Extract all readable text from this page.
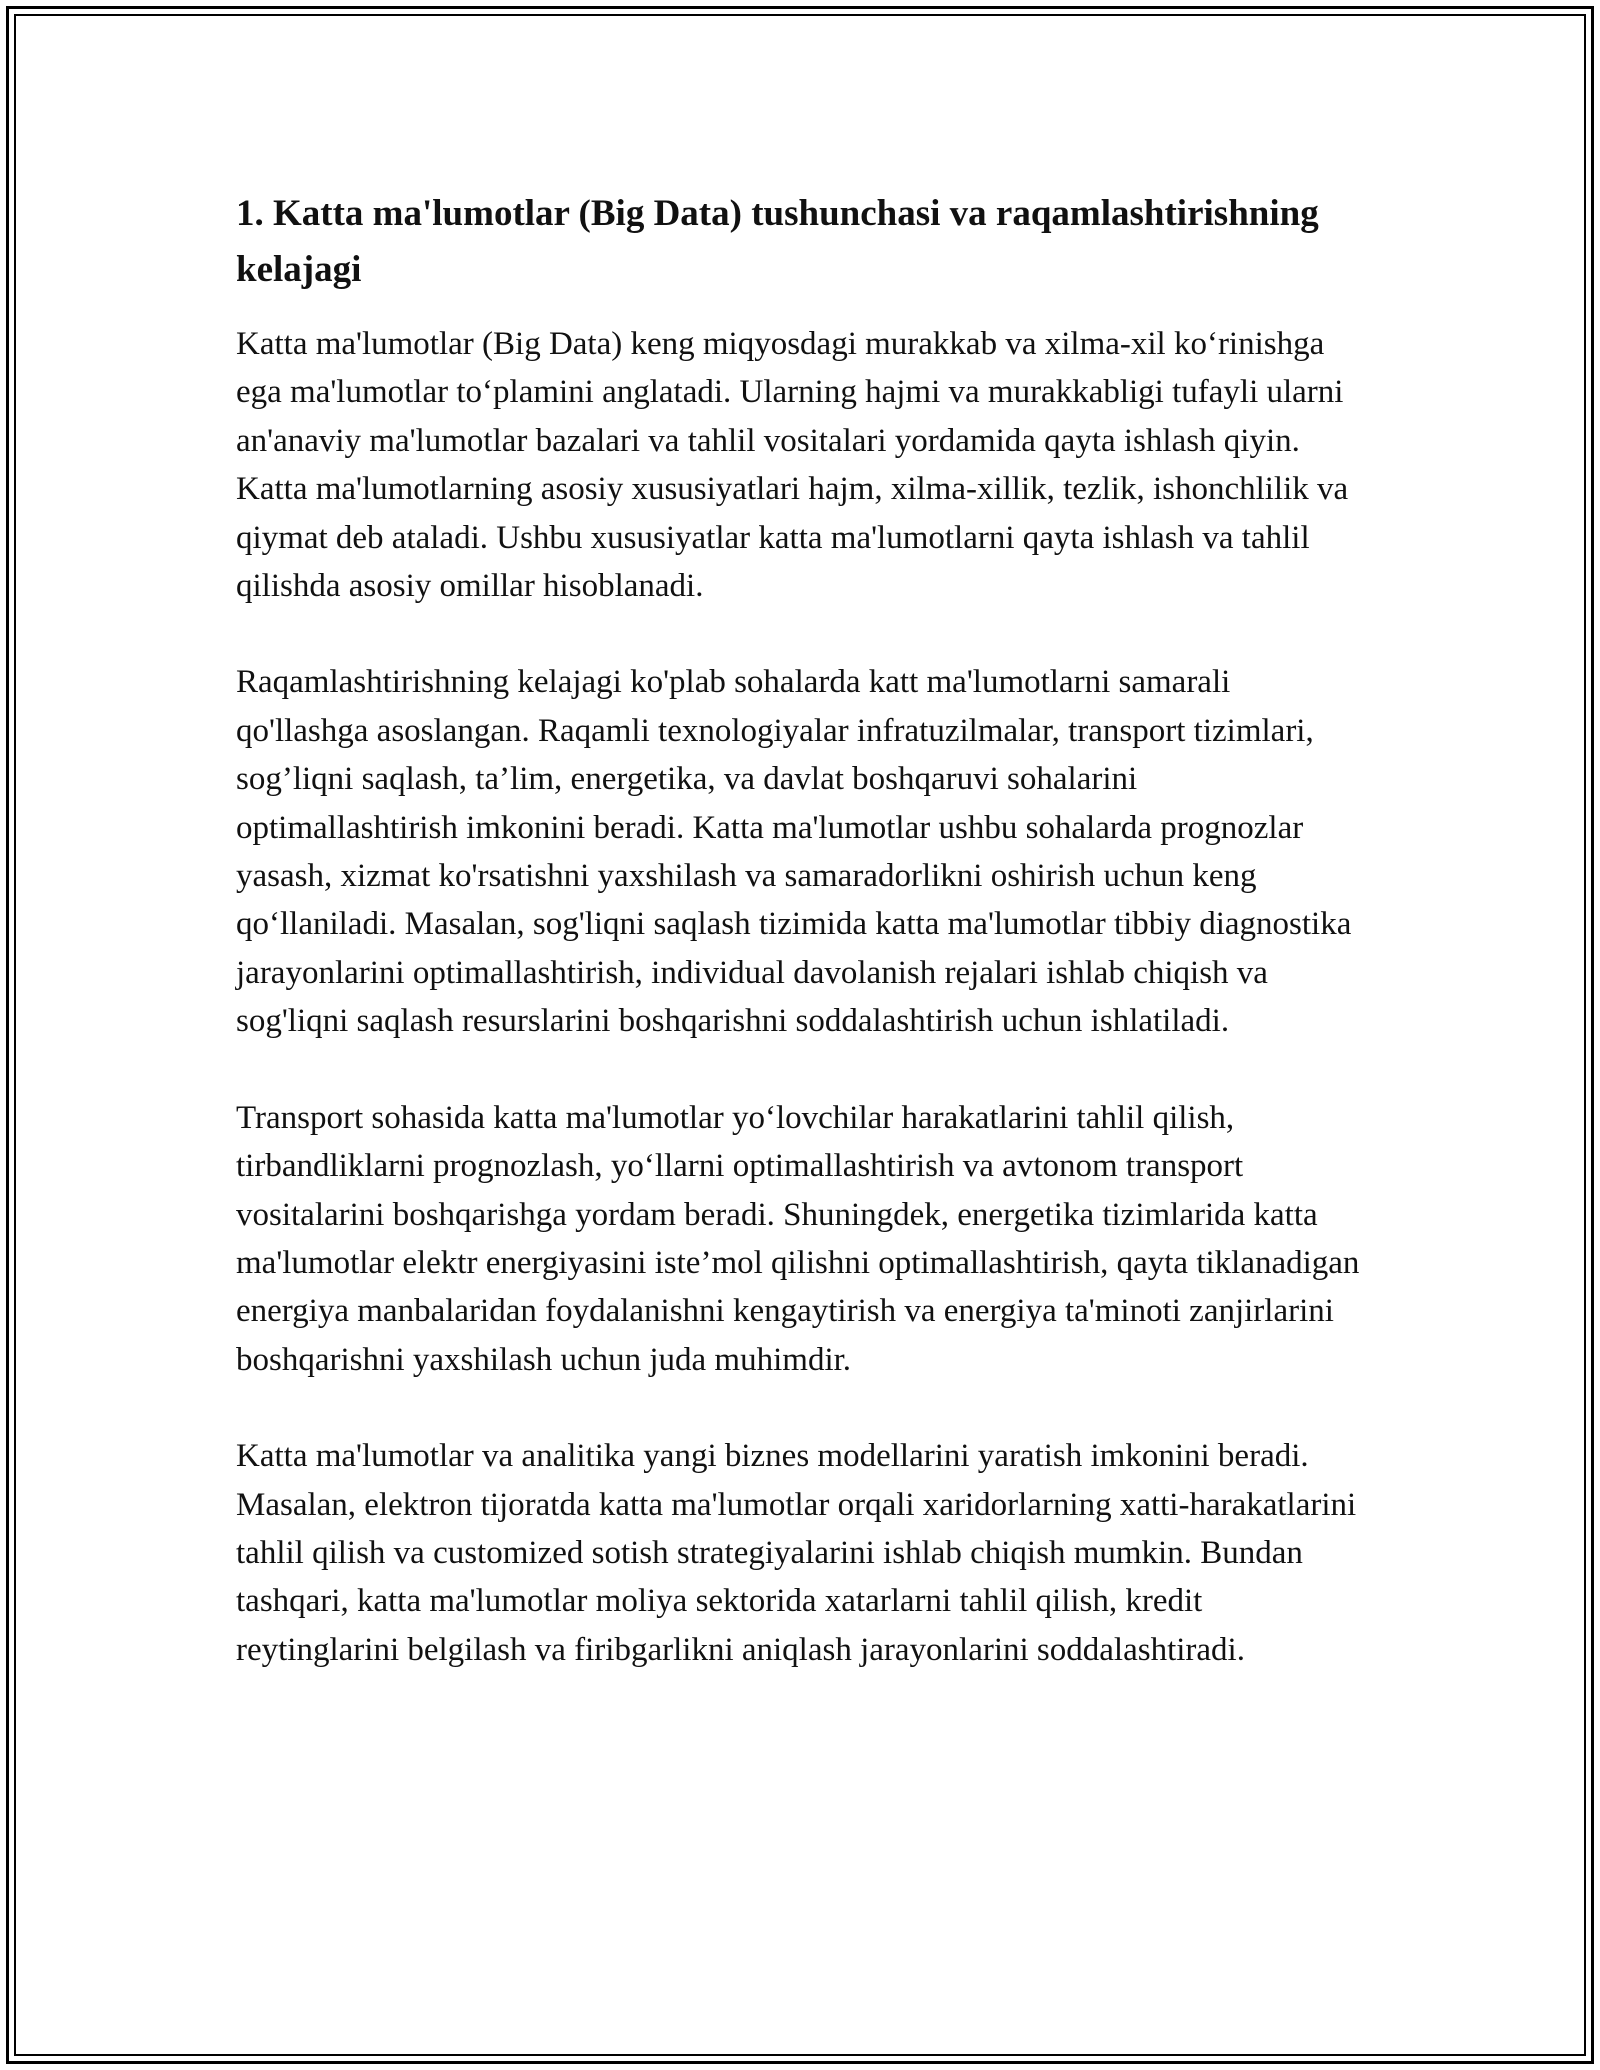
1. Katta ma'lumotlar (Big Data) tushunchasi va raqamlashtirishning kelajagi

Katta ma'lumotlar (Big Data) keng miqyosdagi murakkab va xilma-xil ko‘rinishga ega ma'lumotlar to‘plamini anglatadi. Ularning hajmi va murakkabligi tufayli ularni an'anaviy ma'lumotlar bazalari va tahlil vositalari yordamida qayta ishlash qiyin. Katta ma'lumotlarning asosiy xususiyatlari hajm, xilma-xillik, tezlik, ishonchlilik va qiymat deb ataladi. Ushbu xususiyatlar katta ma'lumotlarni qayta ishlash va tahlil qilishda asosiy omillar hisoblanadi.

Raqamlashtirishning kelajagi ko'plab sohalarda katt ma'lumotlarni samarali qo'llashga asoslangan. Raqamli texnologiyalar infratuzilmalar, transport tizimlari, sog’liqni saqlash, ta’lim, energetika, va davlat boshqaruvi sohalarini optimallashtirish imkonini beradi. Katta ma'lumotlar ushbu sohalarda prognozlar yasash, xizmat ko'rsatishni yaxshilash va samaradorlikni oshirish uchun keng qo‘llaniladi. Masalan, sog'liqni saqlash tizimida katta ma'lumotlar tibbiy diagnostika jarayonlarini optimallashtirish, individual davolanish rejalari ishlab chiqish va sog'liqni saqlash resurslarini boshqarishni soddalashtirish uchun ishlatiladi.

Transport sohasida katta ma'lumotlar yo‘lovchilar harakatlarini tahlil qilish, tirbandliklarni prognozlash, yo‘llarni optimallashtirish va avtonom transport vositalarini boshqarishga yordam beradi. Shuningdek, energetika tizimlarida katta ma'lumotlar elektr energiyasini iste’mol qilishni optimallashtirish, qayta tiklanadigan energiya manbalaridan foydalanishni kengaytirish va energiya ta'minoti zanjirlarini boshqarishni yaxshilash uchun juda muhimdir.

Katta ma'lumotlar va analitika yangi biznes modellarini yaratish imkonini beradi. Masalan, elektron tijoratda katta ma'lumotlar orqali xaridorlarning xatti-harakatlarini tahlil qilish va customized sotish strategiyalarini ishlab chiqish mumkin. Bundan tashqari, katta ma'lumotlar moliya sektorida xatarlarni tahlil qilish, kredit reytinglarini belgilash va firibgarlikni aniqlash jarayonlarini soddalashtiradi.
